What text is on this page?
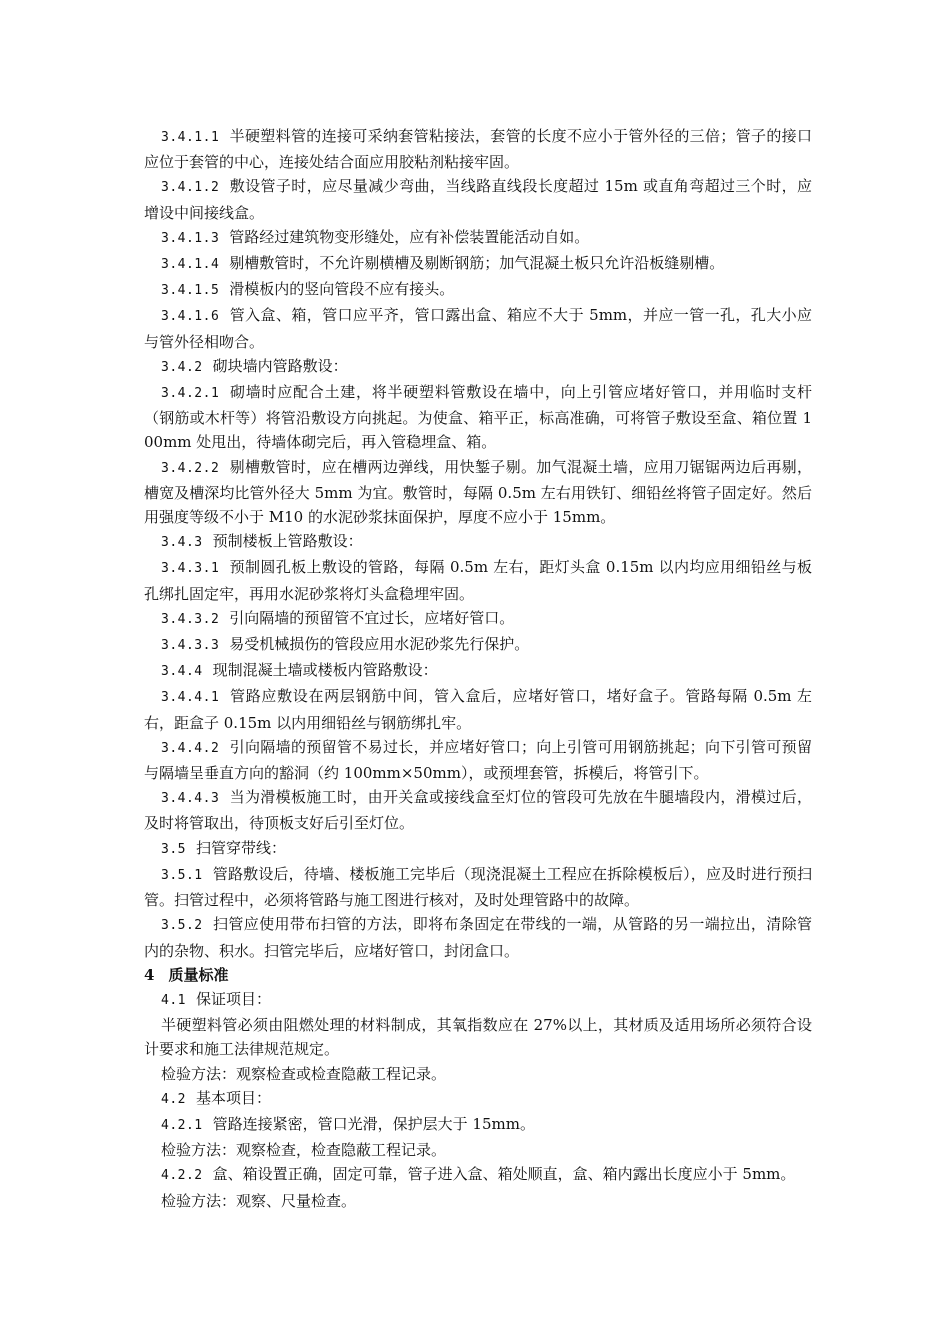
3.4.1.1 半硬塑料管的连接可采纳套管粘接法，套管的长度不应小于管外径的三倍；管子的接口应位于套管的中心，连接处结合面应用胶粘剂粘接牢固。

3.4.1.2 敷设管子时，应尽量减少弯曲，当线路直线段长度超过 15m 或直角弯超过三个时，应增设中间接线盒。

3.4.1.3 管路经过建筑物变形缝处，应有补偿装置能活动自如。

3.4.1.4 剔槽敷管时，不允许剔横槽及剔断钢筋；加气混凝土板只允许沿板缝剔槽。

3.4.1.5 滑模板内的竖向管段不应有接头。

3.4.1.6 管入盒、箱，管口应平齐，管口露出盒、箱应不大于 5mm，并应一管一孔，孔大小应与管外径相吻合。

3.4.2 砌块墙内管路敷设：

3.4.2.1 砌墙时应配合土建，将半硬塑料管敷设在墙中，向上引管应堵好管口，并用临时支杆（钢筋或木杆等）将管沿敷设方向挑起。为使盒、箱平正，标高准确，可将管子敷设至盒、箱位置 100mm 处甩出，待墙体砌完后，再入管稳埋盒、箱。

3.4.2.2 剔槽敷管时，应在槽两边弹线，用快錾子剔。加气混凝土墙，应用刀锯锯两边后再剔，槽宽及槽深均比管外径大 5mm 为宜。敷管时，每隔 0.5m 左右用铁钉、细铅丝将管子固定好。然后用强度等级不小于 M10 的水泥砂浆抹面保护，厚度不应小于 15mm。

3.4.3 预制楼板上管路敷设：

3.4.3.1 预制圆孔板上敷设的管路，每隔 0.5m 左右，距灯头盒 0.15m 以内均应用细铅丝与板孔绑扎固定牢，再用水泥砂浆将灯头盒稳埋牢固。

3.4.3.2 引向隔墙的预留管不宜过长，应堵好管口。

3.4.3.3 易受机械损伤的管段应用水泥砂浆先行保护。

3.4.4 现制混凝土墙或楼板内管路敷设：

3.4.4.1 管路应敷设在两层钢筋中间，管入盒后，应堵好管口，堵好盒子。管路每隔 0.5m 左右，距盒子 0.15m 以内用细铅丝与钢筋绑扎牢。

3.4.4.2 引向隔墙的预留管不易过长，并应堵好管口；向上引管可用钢筋挑起；向下引管可预留与隔墙呈垂直方向的豁洞（约 100mm×50mm），或预埋套管，拆模后，将管引下。

3.4.4.3 当为滑模板施工时，由开关盒或接线盒至灯位的管段可先放在牛腿墙段内，滑模过后，及时将管取出，待顶板支好后引至灯位。

3.5 扫管穿带线：

3.5.1 管路敷设后，待墙、楼板施工完毕后（现浇混凝土工程应在拆除模板后），应及时进行预扫管。扫管过程中，必须将管路与施工图进行核对，及时处理管路中的故障。

3.5.2 扫管应使用带布扫管的方法，即将布条固定在带线的一端，从管路的另一端拉出，清除管内的杂物、积水。扫管完毕后，应堵好管口，封闭盒口。

4 质量标准

4.1 保证项目：

半硬塑料管必须由阻燃处理的材料制成，其氧指数应在 27%以上，其材质及适用场所必须符合设计要求和施工法律规范规定。

检验方法：观察检查或检查隐蔽工程记录。

4.2 基本项目：

4.2.1 管路连接紧密，管口光滑，保护层大于 15mm。

检验方法：观察检查，检查隐蔽工程记录。

4.2.2 盒、箱设置正确，固定可靠，管子进入盒、箱处顺直，盒、箱内露出长度应小于 5mm。

检验方法：观察、尺量检查。
